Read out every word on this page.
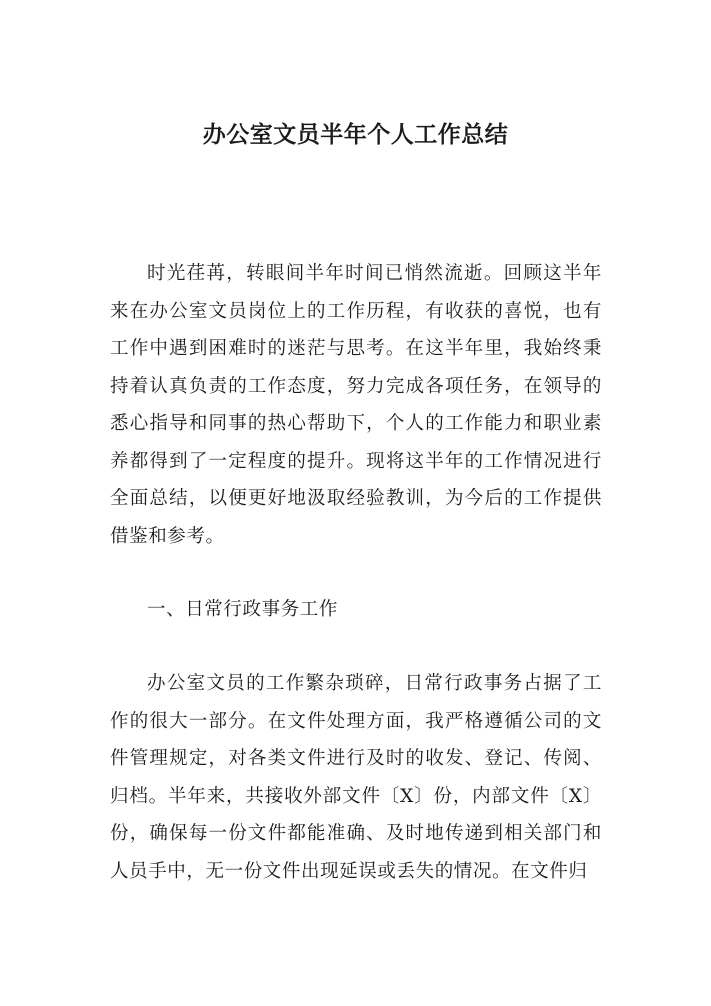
办公室文员半年个人工作总结
时光荏苒，转眼间半年时间已悄然流逝。回顾这半年来在办公室文员岗位上的工作历程，有收获的喜悦，也有工作中遇到困难时的迷茫与思考。在这半年里，我始终秉持着认真负责的工作态度，努力完成各项任务，在领导的悉心指导和同事的热心帮助下，个人的工作能力和职业素养都得到了一定程度的提升。现将这半年的工作情况进行全面总结，以便更好地汲取经验教训，为今后的工作提供借鉴和参考。
一、日常行政事务工作
办公室文员的工作繁杂琐碎，日常行政事务占据了工作的很大一部分。在文件处理方面，我严格遵循公司的文件管理规定，对各类文件进行及时的收发、登记、传阅、归档。半年来，共接收外部文件〔X〕份，内部文件〔X〕份，确保每一份文件都能准确、及时地传递到相关部门和人员手中，无一份文件出现延误或丢失的情况。在文件归
